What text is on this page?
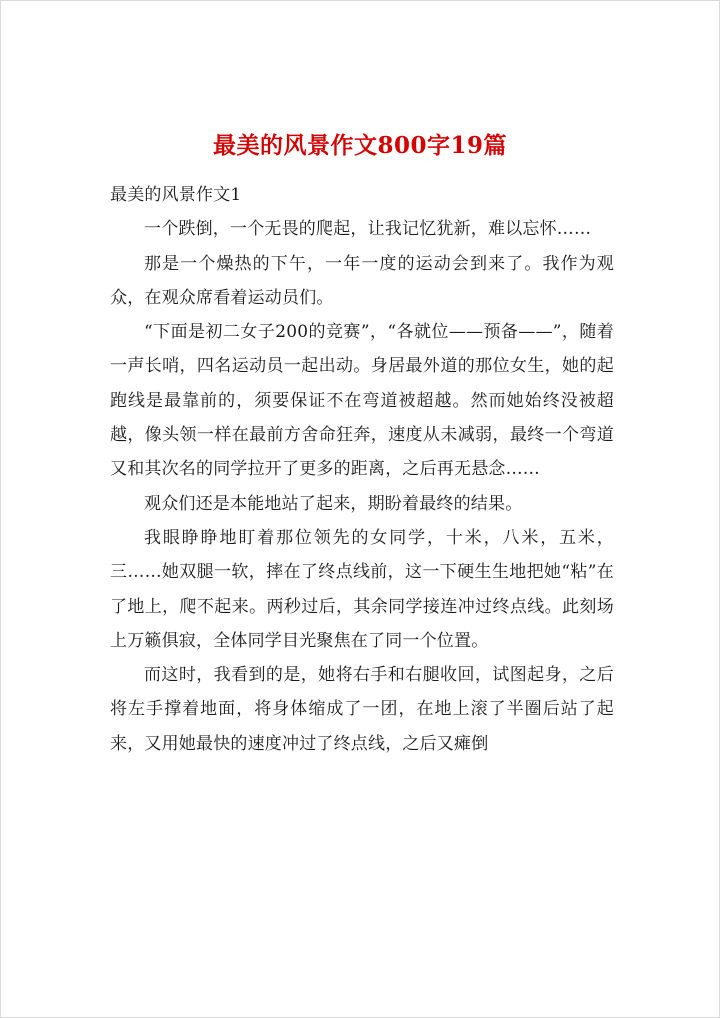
最美的风景作文800字19篇

最美的风景作文1

一个跌倒，一个无畏的爬起，让我记忆犹新，难以忘怀……

那是一个燥热的下午，一年一度的运动会到来了。我作为观众，在观众席看着运动员们。

“下面是初二女子200的竞赛”，“各就位——预备——”，随着一声长哨，四名运动员一起出动。身居最外道的那位女生，她的起跑线是最靠前的，须要保证不在弯道被超越。然而她始终没被超越，像头领一样在最前方舍命狂奔，速度从未减弱，最终一个弯道又和其次名的同学拉开了更多的距离，之后再无悬念……

观众们还是本能地站了起来，期盼着最终的结果。

我眼睁睁地盯着那位领先的女同学，十米，八米，五米，三……她双腿一软，摔在了终点线前，这一下硬生生地把她“粘”在了地上，爬不起来。两秒过后，其余同学接连冲过终点线。此刻场上万籁俱寂，全体同学目光聚焦在了同一个位置。

而这时，我看到的是，她将右手和右腿收回，试图起身，之后将左手撑着地面，将身体缩成了一团，在地上滚了半圈后站了起来，又用她最快的速度冲过了终点线，之后又瘫倒
